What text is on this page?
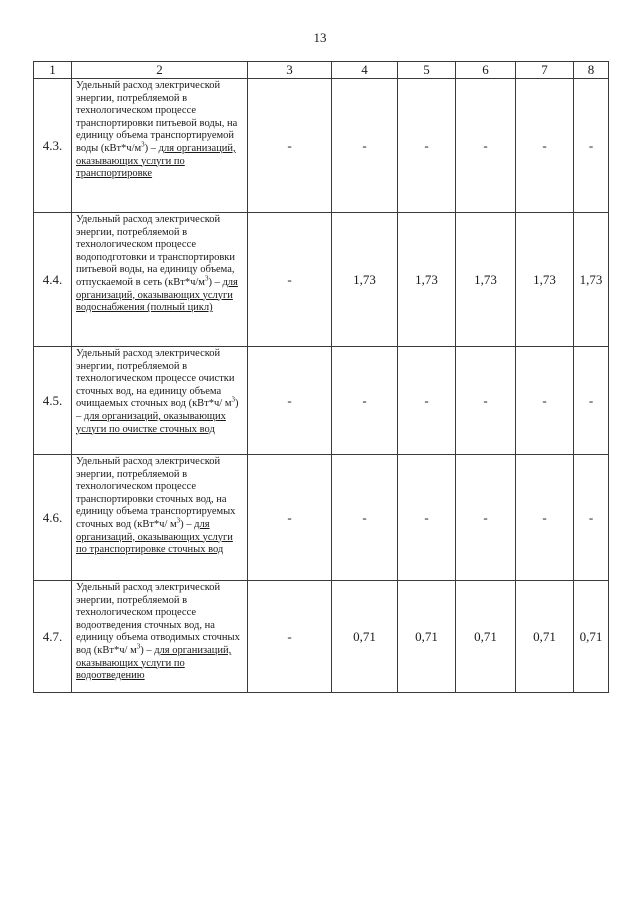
13
1	2	3	4	5	6	7	8
4.3.	Удельный расход электрической энергии, потребляемой в технологическом процессе транспортировки питьевой воды, на единицу объема транспортируемой воды $(кВт*ч/м^3)$ – для организаций, оказывающих услуги по транспортировке	-	-	-	-	-	-
4.4.	Удельный расход электрической энергии, потребляемой в технологическом процессе водоподготовки и транспортировки питьевой воды, на единицу объема, отпускаемой в сеть $(кВт*ч/м^3)$ – для организаций, оказывающих услуги водоснабжения (полный цикл)	-	1,73	1,73	1,73	1,73	1,73
4.5.	Удельный расход электрической энергии, потребляемой в технологическом процессе очистки сточных вод, на единицу объема очищаемых сточных вод (кВт*ч/ $м^3$) – для организаций, оказывающих услуги по очистке сточных вод	-	-	-	-	-	-
4.6.	Удельный расход электрической энергии, потребляемой в технологическом процессе транспортировки сточных вод, на единицу объема транспортируемых сточных вод (кВт*ч/ $м^3$) – для организаций, оказывающих услуги по транспортировке сточных вод	-	-	-	-	-	-
4.7.	Удельный расход электрической энергии, потребляемой в технологическом процессе водоотведения сточных вод, на единицу объема отводимых сточных вод (кВт*ч/ $м^3$) – для организаций, оказывающих услуги по водоотведению	-	0,71	0,71	0,71	0,71	0,71
